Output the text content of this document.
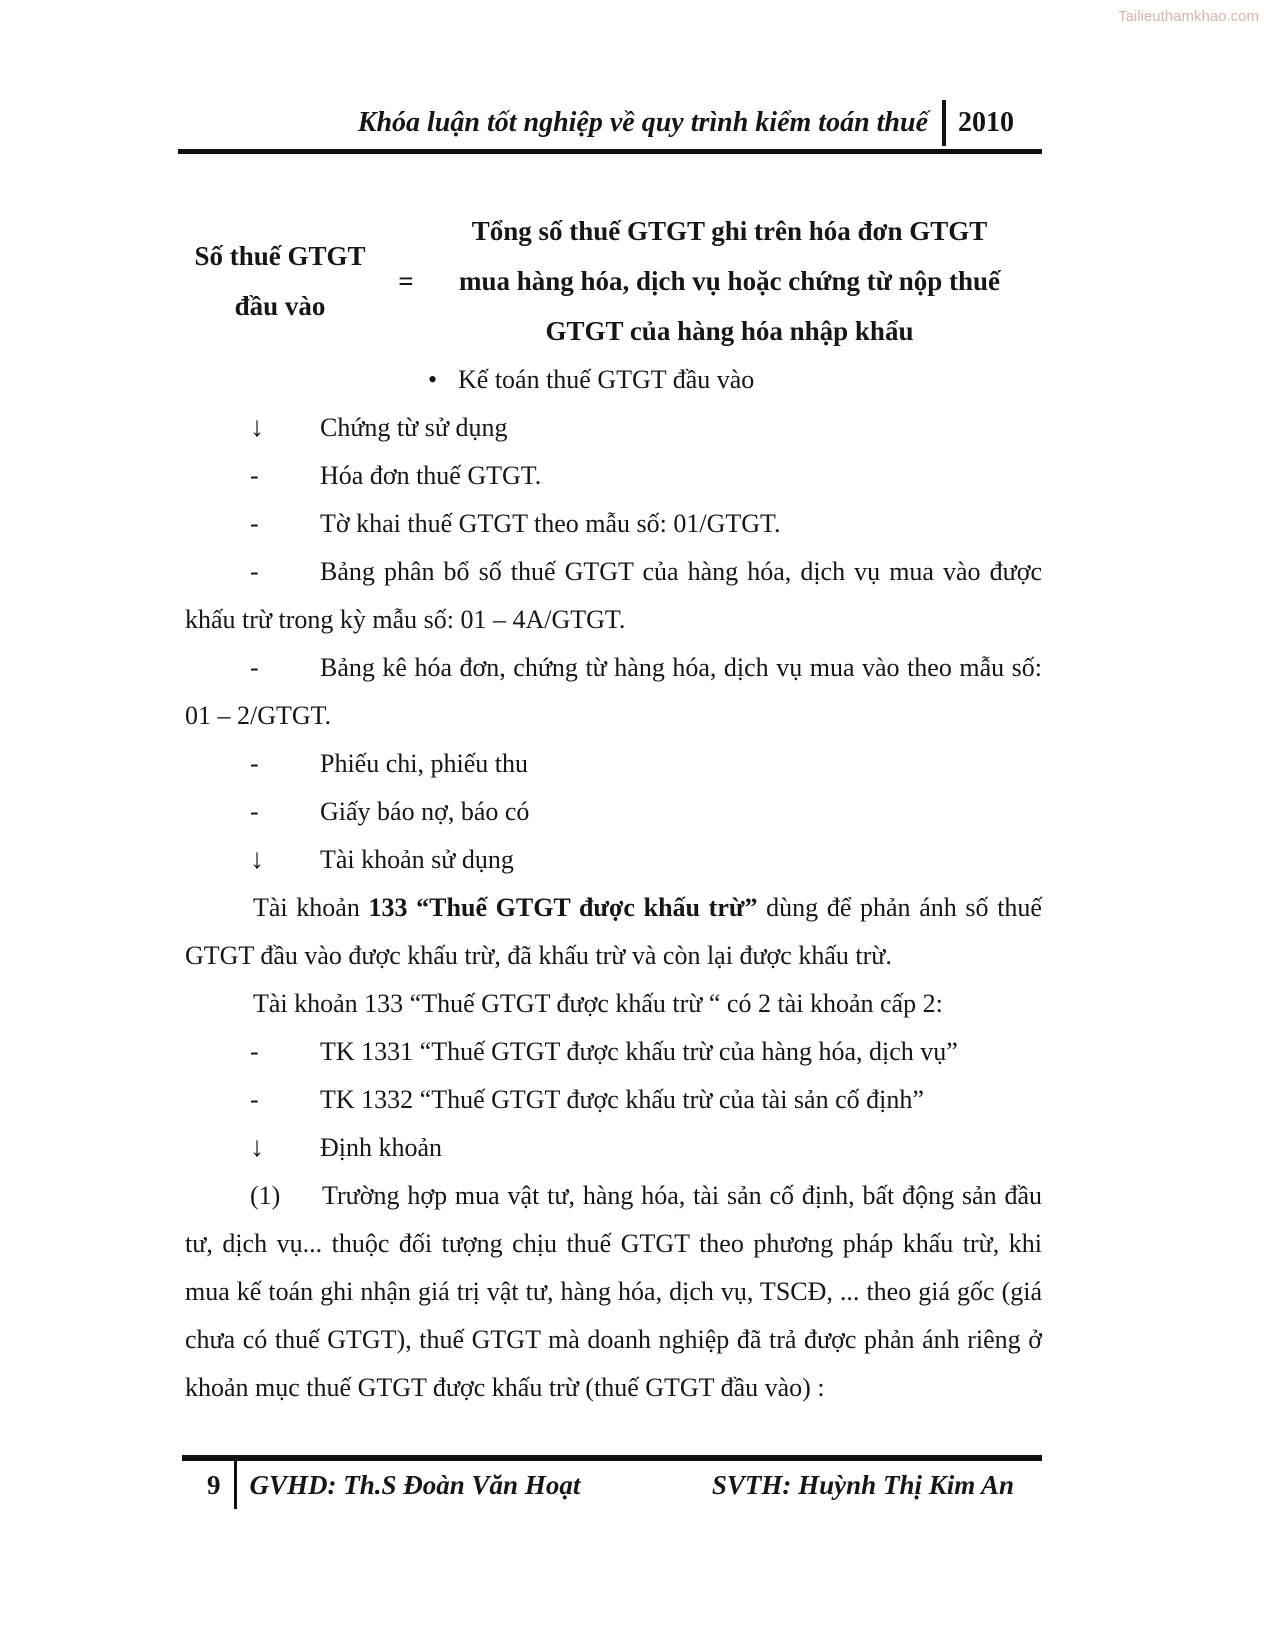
Tailieuthamkhao.com
Khóa luận tốt nghiệp về quy trình kiểm toán thuế 2010
Số thuế GTGT
đầu vào
=
Tổng số thuế GTGT ghi trên hóa đơn GTGT
mua hàng hóa, dịch vụ hoặc chứng từ nộp thuế
GTGT của hàng hóa nhập khẩu

• Kế toán thuế GTGT đầu vào

↓ Chứng từ sử dụng

- Hóa đơn thuế GTGT.

- Tờ khai thuế GTGT theo mẫu số: 01/GTGT.

- Bảng phân bổ số thuế GTGT của hàng hóa, dịch vụ mua vào được khấu trừ trong kỳ mẫu số: 01 – 4A/GTGT.

- Bảng kê hóa đơn, chứng từ hàng hóa, dịch vụ mua vào theo mẫu số: 01 – 2/GTGT.

- Phiếu chi, phiếu thu

- Giấy báo nợ, báo có

↓ Tài khoản sử dụng

Tài khoản 133 “Thuế GTGT được khấu trừ” dùng để phản ánh số thuế GTGT đầu vào được khấu trừ, đã khấu trừ và còn lại được khấu trừ.

Tài khoản 133 “Thuế GTGT được khấu trừ “ có 2 tài khoản cấp 2:

- TK 1331 “Thuế GTGT được khấu trừ của hàng hóa, dịch vụ”

- TK 1332 “Thuế GTGT được khấu trừ của tài sản cố định”

↓ Định khoản

(1) Trường hợp mua vật tư, hàng hóa, tài sản cố định, bất động sản đầu tư, dịch vụ... thuộc đối tượng chịu thuế GTGT theo phương pháp khấu trừ, khi mua kế toán ghi nhận giá trị vật tư, hàng hóa, dịch vụ, TSCĐ, ... theo giá gốc (giá chưa có thuế GTGT), thuế GTGT mà doanh nghiệp đã trả được phản ánh riêng ở khoản mục thuế GTGT được khấu trừ (thuế GTGT đầu vào) :

9	GVHD: Th.S Đoàn Văn Hoạt	SVTH: Huỳnh Thị Kim An
